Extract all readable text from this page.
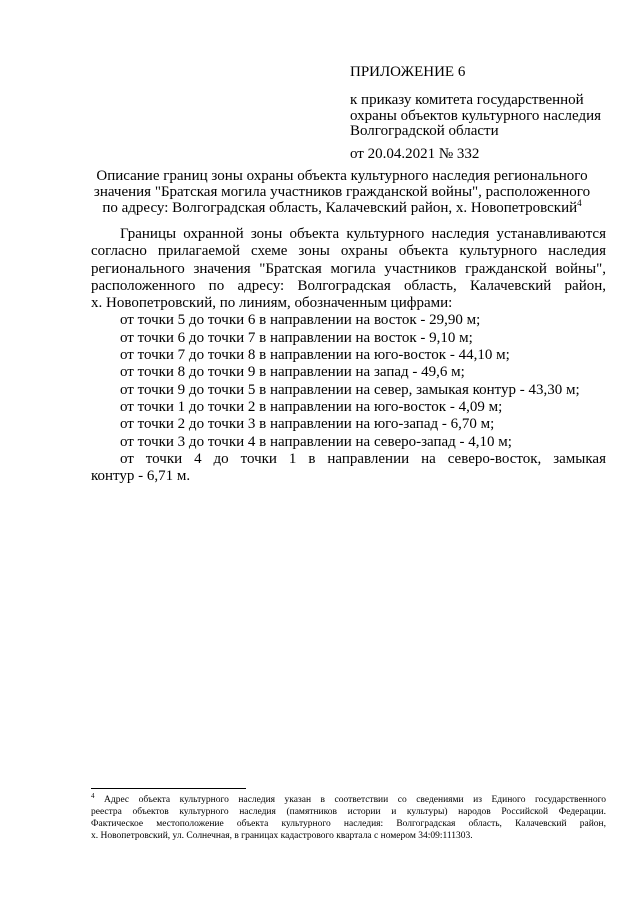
ПРИЛОЖЕНИЕ 6
к приказу комитета государственной
охраны объектов культурного наследия
Волгоградской области
от 20.04.2021 № 332
Описание границ зоны охраны объекта культурного наследия регионального
значения "Братская могила участников гражданской войны", расположенного
по адресу: Волгоградская область, Калачевский район, х. Новопетровский$^4$
Границы охранной зоны объекта культурного наследия устанавливаются
согласно прилагаемой схеме зоны охраны объекта культурного наследия
регионального значения "Братская могила участников гражданской войны",
расположенного по адресу: Волгоградская область, Калачевский район,
х. Новопетровский, по линиям, обозначенным цифрами:
от точки 5 до точки 6 в направлении на восток - 29,90 м;
от точки 6 до точки 7 в направлении на восток - 9,10 м;
от точки 7 до точки 8 в направлении на юго-восток - 44,10 м;
от точки 8 до точки 9 в направлении на запад - 49,6 м;
от точки 9 до точки 5 в направлении на север, замыкая контур - 43,30 м;
от точки 1 до точки 2 в направлении на юго-восток - 4,09 м;
от точки 2 до точки 3 в направлении на юго-запад - 6,70 м;
от точки 3 до точки 4 в направлении на северо-запад - 4,10 м;
от точки 4 до точки 1 в направлении на северо-восток, замыкая
контур - 6,71 м.
$^4$ Адрес объекта культурного наследия указан в соответствии со сведениями из Единого государственного
реестра объектов культурного наследия (памятников истории и культуры) народов Российской Федерации.
Фактическое местоположение объекта культурного наследия: Волгоградская область, Калачевский район,
х. Новопетровский, ул. Солнечная, в границах кадастрового квартала с номером 34:09:111303.
